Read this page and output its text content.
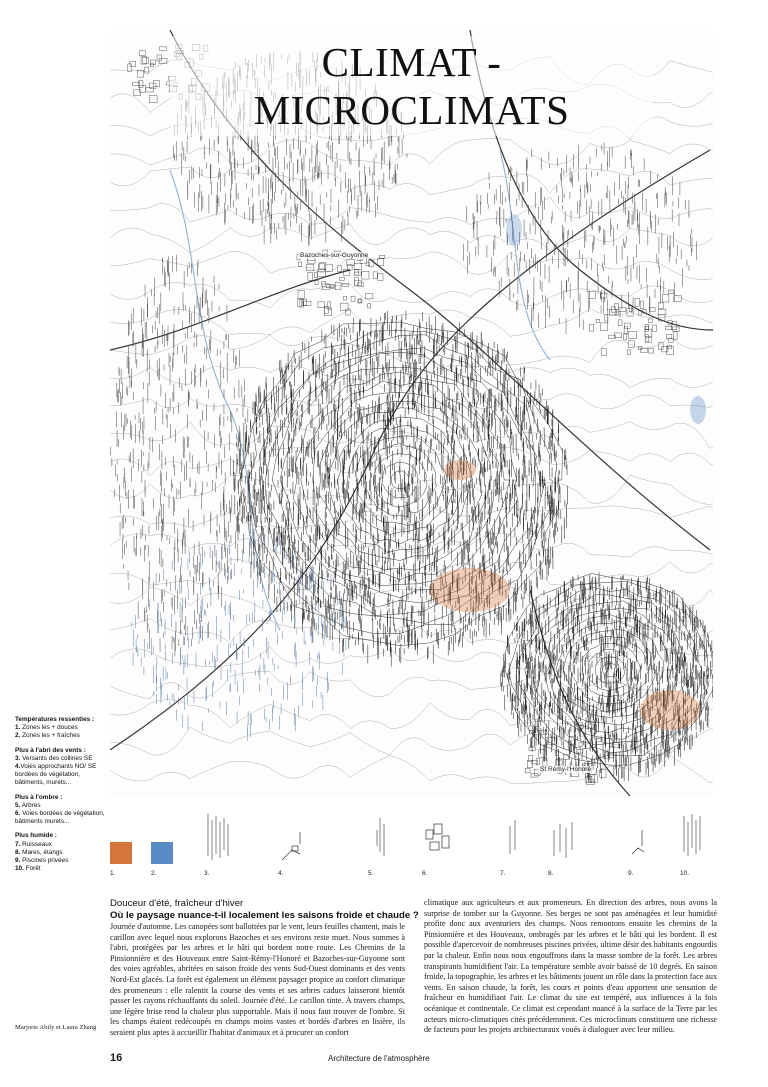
CLIMAT - MICROCLIMATS
Bazoches-sur-Guyonne
St Rémy-l'Honoré
Températures ressenties :
1. Zones les + douces
2. Zones les + fraîches
Plus à l'abri des vents :
3. Versants des collines SE
4.Voies approchants NO/ SE bordées de végétation, bâtiments, murets...
Plus à l'ombre :
5. Arbres
6. Voies bordées de végétation, bâtiments murets...
Plus humide :
7. Ruisseaux
8. Mares, étangs
9. Piscines privées
10. Forêt
1.	2.	3.	4.	5.	6.	7.	8.	9.	10.
Douceur d'été, fraîcheur d'hiver
Où le paysage nuance-t-il localement les saisons froide et chaude ?
Journée d'automne. Les canopées sont ballottées par le vent, leurs feuilles chantent, mais le carillon avec lequel nous explorons Bazoches et ses environs reste muet. Nous sommes à l'abri, protégées par les arbres et le bâti qui bordent notre route. Les Chemins de la Pinsionnière et des Houveaux entre Saint-Rémy-l'Honoré et Bazoches-sur-Guyonne sont des voies agréables, abritées en saison froide des vents Sud-Ouest dominants et des vents Nord-Est glacés. La forêt est également un élément paysager propice au confort climatique des promeneurs : elle ralentit la course des vents et ses arbres caducs laisseront bientôt passer les rayons réchauffants du soleil. Journée d'été. Le carillon tinte. À travers champs, une légère brise rend la chaleur plus supportable. Mais il nous faut trouver de l'ombre. Si les champs étaient redécoupés en champs moins vastes et bordés d'arbres en lisière, ils seraient plus aptes à accueillir l'habitat d'animaux et à procurer un confort
climatique aux agriculteurs et aux promeneurs. En direction des arbres, nous avons la surprise de tomber sur la Guyonne. Ses berges ne sont pas aménagées et leur humidité profite donc aux aventuriers des champs. Nous remontons ensuite les chemins de la Pinsionnière et des Houveaux, ombragés par les arbres et le bâti qui les bordent. Il est possible d'apercevoir de nombreuses piscines privées, ultime désir des habitants engourdis par la chaleur. Enfin nous nous engouffrons dans la masse sombre de la forêt. Les arbres transpirants humidifient l'air. La température semble avoir baissé de 10 degrés. En saison froide, la topographie, les arbres et les bâtiments jouent un rôle dans la protection face aux vents. En saison chaude, la forêt, les cours et points d'eau apportent une sensation de fraîcheur en humidifiant l'air. Le climat du site est tempéré, aux influences à la fois océanique et continentale. Ce climat est cependant nuancé à la surface de la Terre par les acteurs micro-climatiques cités précédemment. Ces microclimats constituent une richesse de facteurs pour les projets architecturaux voués à dialoguer avec leur milieu.
Marjorie Abily et Laura Zhang
16	Architecture de l'atmosphère
